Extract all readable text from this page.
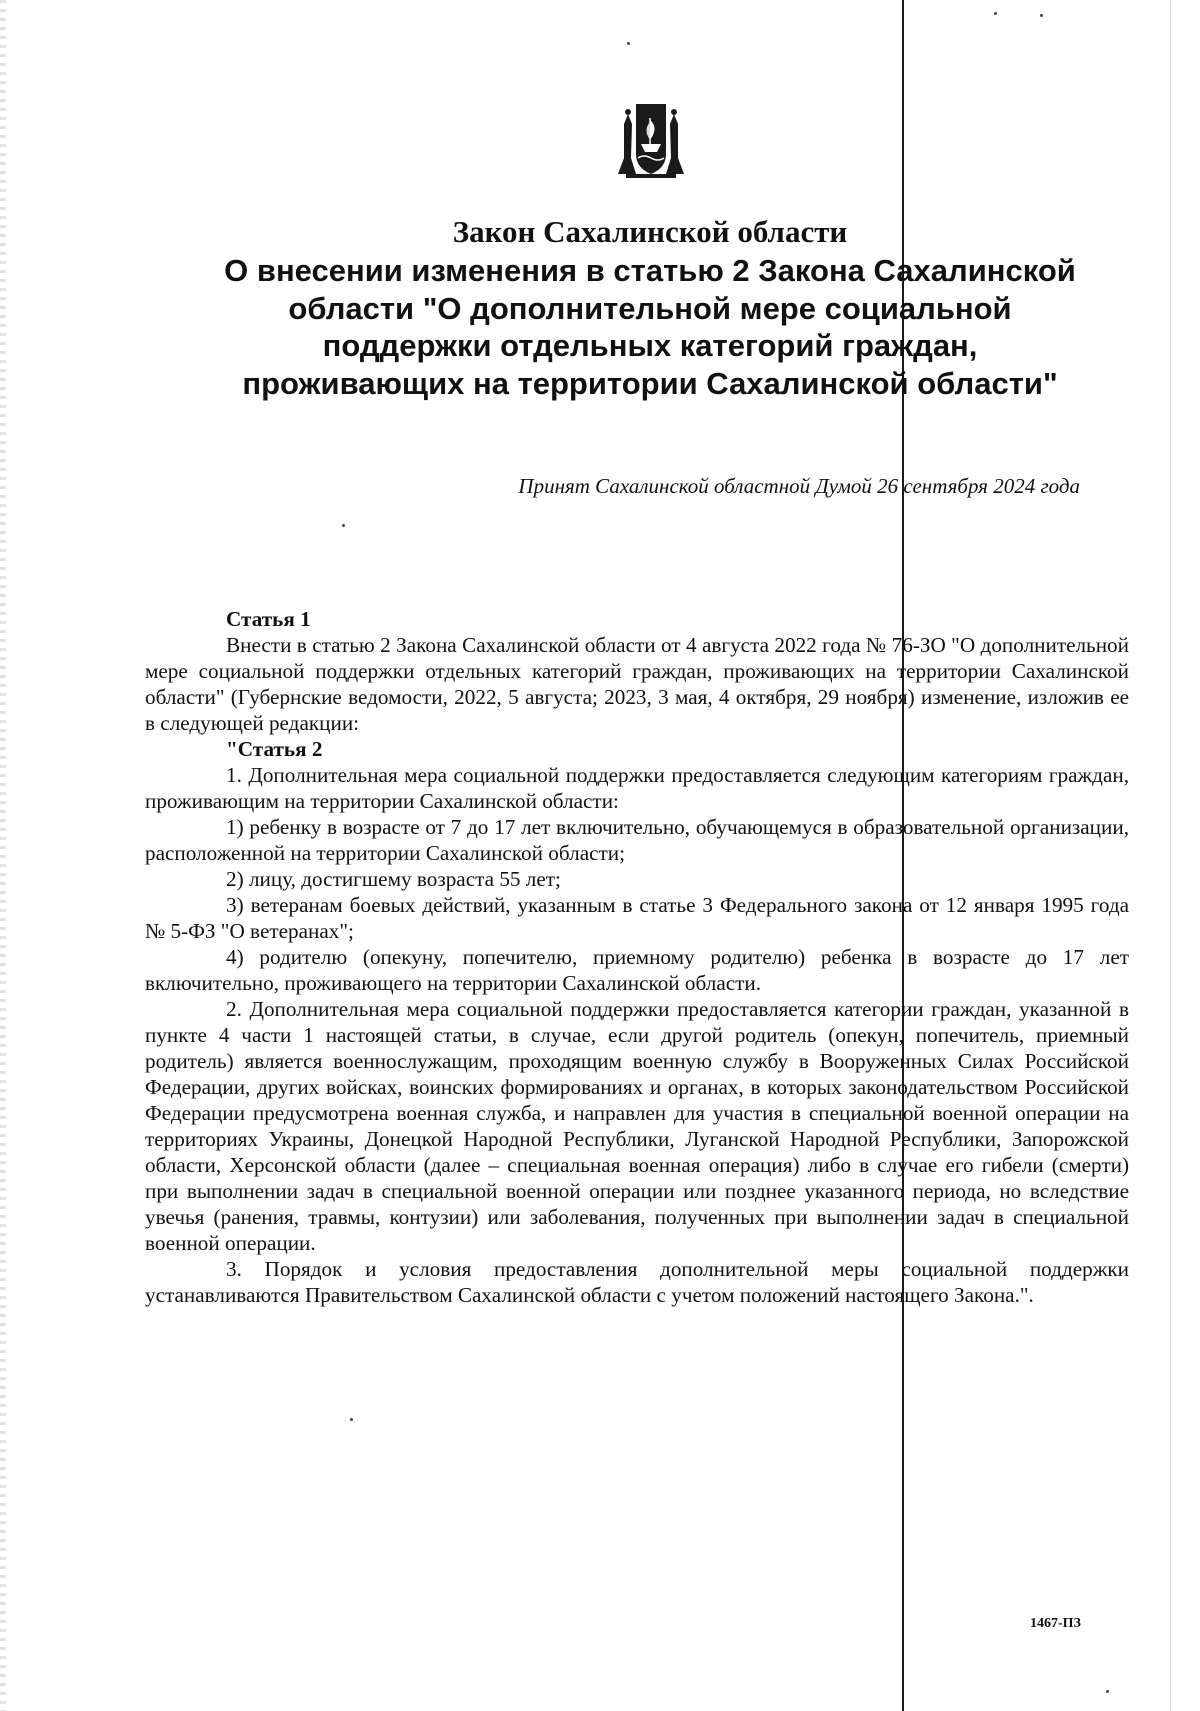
Закон Сахалинской области
О внесении изменения в статью 2 Закона Сахалинской области "О дополнительной мере социальной поддержки отдельных категорий граждан, проживающих на территории Сахалинской области"

Принят Сахалинской областной Думой 26 сентября 2024 года

Статья 1

Внести в статью 2 Закона Сахалинской области от 4 августа 2022 года № 76-ЗО "О дополнительной мере социальной поддержки отдельных категорий граждан, проживающих на территории Сахалинской области" (Губернские ведомости, 2022, 5 августа; 2023, 3 мая, 4 октября, 29 ноября) изменение, изложив ее в следующей редакции:

"Статья 2

1. Дополнительная мера социальной поддержки предоставляется следующим категориям граждан, проживающим на территории Сахалинской области:

1) ребенку в возрасте от 7 до 17 лет включительно, обучающемуся в образовательной организации, расположенной на территории Сахалинской области;

2) лицу, достигшему возраста 55 лет;

3) ветеранам боевых действий, указанным в статье 3 Федерального закона от 12 января 1995 года № 5-ФЗ "О ветеранах";

4) родителю (опекуну, попечителю, приемному родителю) ребенка в возрасте до 17 лет включительно, проживающего на территории Сахалинской области.

2. Дополнительная мера социальной поддержки предоставляется категории граждан, указанной в пункте 4 части 1 настоящей статьи, в случае, если другой родитель (опекун, попечитель, приемный родитель) является военнослужащим, проходящим военную службу в Вооруженных Силах Российской Федерации, других войсках, воинских формированиях и органах, в которых законодательством Российской Федерации предусмотрена военная служба, и направлен для участия в специальной военной операции на территориях Украины, Донецкой Народной Республики, Луганской Народной Республики, Запорожской области, Херсонской области (далее – специальная военная операция) либо в случае его гибели (смерти) при выполнении задач в специальной военной операции или позднее указанного периода, но вследствие увечья (ранения, травмы, контузии) или заболевания, полученных при выполнении задач в специальной военной операции.

3. Порядок и условия предоставления дополнительной меры социальной поддержки устанавливаются Правительством Сахалинской области с учетом положений настоящего Закона.".

1467-ПЗ
